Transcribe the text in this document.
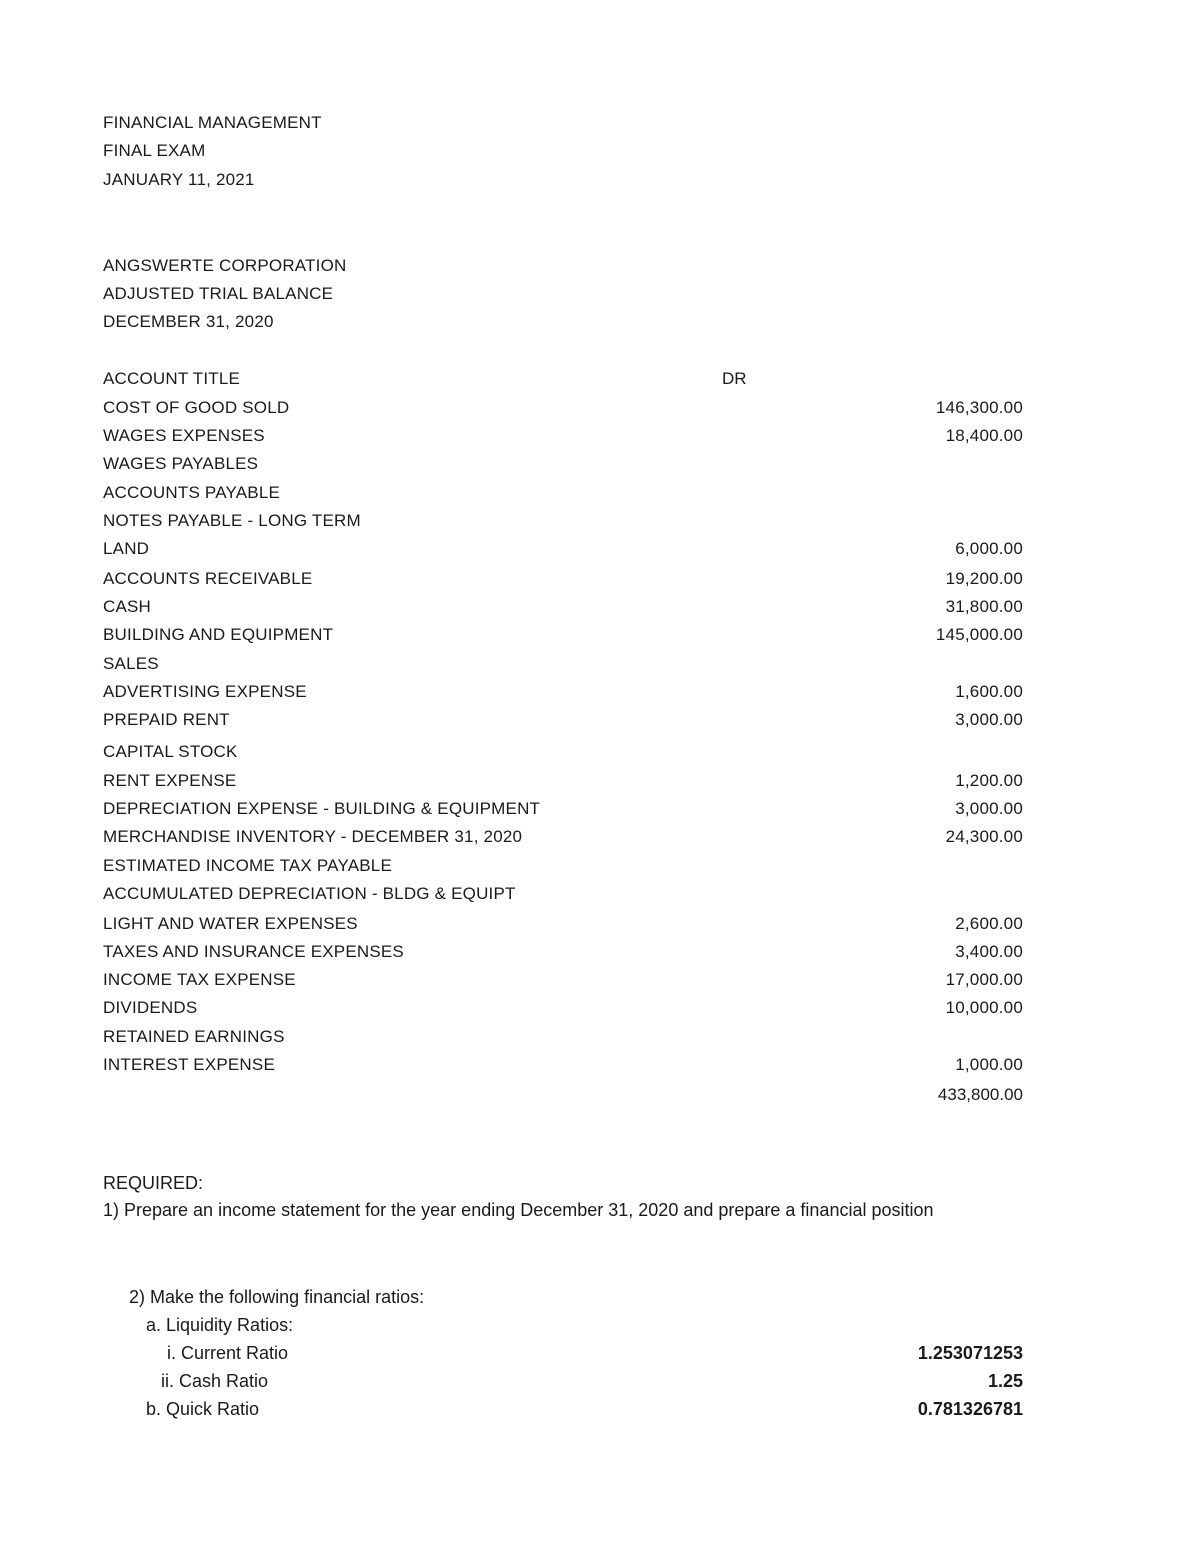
FINANCIAL MANAGEMENT
FINAL EXAM
JANUARY 11, 2021
ANGSWERTE CORPORATION
ADJUSTED TRIAL BALANCE
DECEMBER 31, 2020
ACCOUNT TITLE	DR
COST OF GOOD SOLD	146,300.00
WAGES EXPENSES	18,400.00
WAGES PAYABLES
ACCOUNTS PAYABLE
NOTES PAYABLE - LONG TERM
LAND	6,000.00
ACCOUNTS RECEIVABLE	19,200.00
CASH	31,800.00
BUILDING AND EQUIPMENT	145,000.00
SALES
ADVERTISING EXPENSE	1,600.00
PREPAID RENT	3,000.00
CAPITAL STOCK
RENT EXPENSE	1,200.00
DEPRECIATION EXPENSE - BUILDING & EQUIPMENT	3,000.00
MERCHANDISE INVENTORY - DECEMBER 31, 2020	24,300.00
ESTIMATED INCOME TAX PAYABLE
ACCUMULATED DEPRECIATION - BLDG & EQUIPT
LIGHT AND WATER EXPENSES	2,600.00
TAXES AND INSURANCE EXPENSES	3,400.00
INCOME TAX EXPENSE	17,000.00
DIVIDENDS	10,000.00
RETAINED EARNINGS
INTEREST EXPENSE	1,000.00
433,800.00
REQUIRED:
1) Prepare an income statement for the year ending December 31, 2020 and prepare a financial position
2) Make the following financial ratios:
a. Liquidity Ratios:
i. Current Ratio	1.253071253
ii. Cash Ratio	1.25
b. Quick Ratio	0.781326781
